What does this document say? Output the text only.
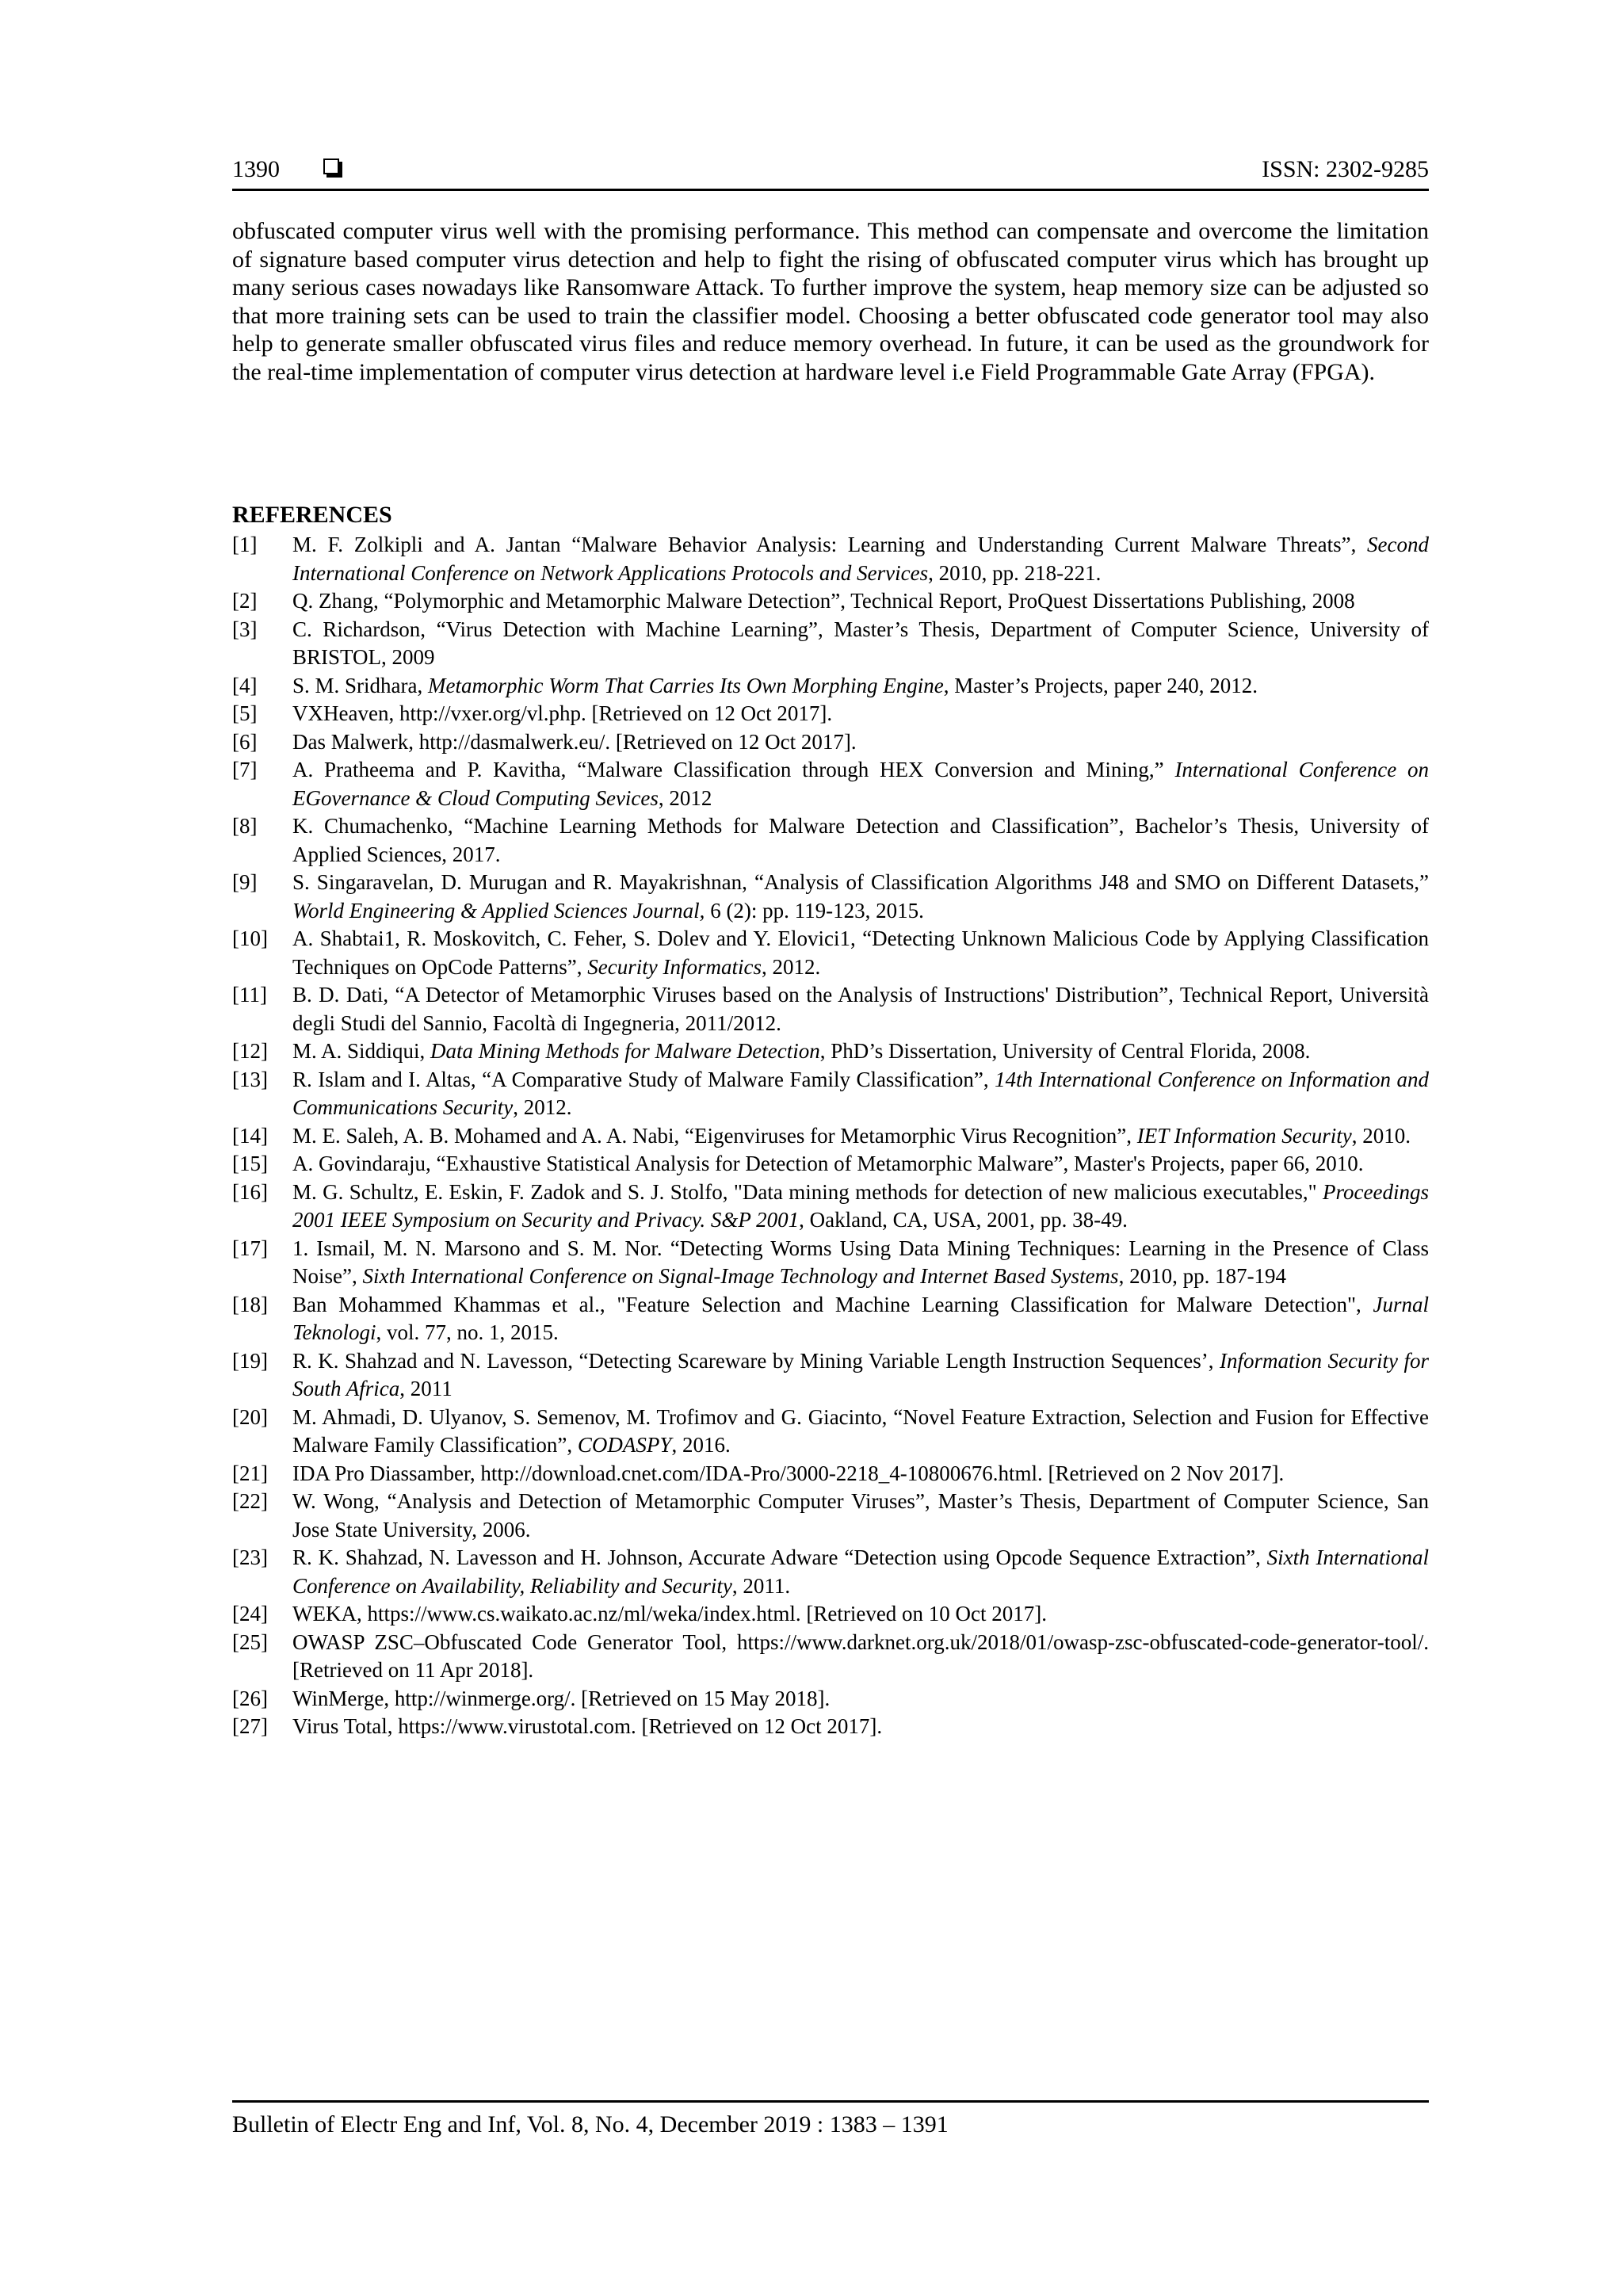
1390	ISSN: 2302-9285

obfuscated computer virus well with the promising performance. This method can compensate and overcome the limitation of signature based computer virus detection and help to fight the rising of obfuscated computer virus which has brought up many serious cases nowadays like Ransomware Attack. To further improve the system, heap memory size can be adjusted so that more training sets can be used to train the classifier model. Choosing a better obfuscated code generator tool may also help to generate smaller obfuscated virus files and reduce memory overhead. In future, it can be used as the groundwork for the real-time implementation of computer virus detection at hardware level i.e Field Programmable Gate Array (FPGA).

REFERENCES
[1] M. F. Zolkipli and A. Jantan “Malware Behavior Analysis: Learning and Understanding Current Malware Threats”, Second International Conference on Network Applications Protocols and Services, 2010, pp. 218-221.
[2] Q. Zhang, “Polymorphic and Metamorphic Malware Detection”, Technical Report, ProQuest Dissertations Publishing, 2008
[3] C. Richardson, “Virus Detection with Machine Learning”, Master’s Thesis, Department of Computer Science, University of BRISTOL, 2009
[4] S. M. Sridhara, Metamorphic Worm That Carries Its Own Morphing Engine, Master’s Projects, paper 240, 2012.
[5] VXHeaven, http://vxer.org/vl.php. [Retrieved on 12 Oct 2017].
[6] Das Malwerk, http://dasmalwerk.eu/. [Retrieved on 12 Oct 2017].
[7] A. Pratheema and P. Kavitha, “Malware Classification through HEX Conversion and Mining,” International Conference on EGovernance & Cloud Computing Sevices, 2012
[8] K. Chumachenko, “Machine Learning Methods for Malware Detection and Classification”, Bachelor’s Thesis, University of Applied Sciences, 2017.
[9] S. Singaravelan, D. Murugan and R. Mayakrishnan, “Analysis of Classification Algorithms J48 and SMO on Different Datasets,” World Engineering & Applied Sciences Journal, 6 (2): pp. 119-123, 2015.
[10] A. Shabtai1, R. Moskovitch, C. Feher, S. Dolev and Y. Elovici1, “Detecting Unknown Malicious Code by Applying Classification Techniques on OpCode Patterns”, Security Informatics, 2012.
[11] B. D. Dati, “A Detector of Metamorphic Viruses based on the Analysis of Instructions' Distribution”, Technical Report, Università degli Studi del Sannio, Facoltà di Ingegneria, 2011/2012.
[12] M. A. Siddiqui, Data Mining Methods for Malware Detection, PhD’s Dissertation, University of Central Florida, 2008.
[13] R. Islam and I. Altas, “A Comparative Study of Malware Family Classification”, 14th International Conference on Information and Communications Security, 2012.
[14] M. E. Saleh, A. B. Mohamed and A. A. Nabi, “Eigenviruses for Metamorphic Virus Recognition”, IET Information Security, 2010.
[15] A. Govindaraju, “Exhaustive Statistical Analysis for Detection of Metamorphic Malware”, Master's Projects, paper 66, 2010.
[16] M. G. Schultz, E. Eskin, F. Zadok and S. J. Stolfo, "Data mining methods for detection of new malicious executables," Proceedings 2001 IEEE Symposium on Security and Privacy. S&P 2001, Oakland, CA, USA, 2001, pp. 38-49.
[17] 1. Ismail, M. N. Marsono and S. M. Nor. “Detecting Worms Using Data Mining Techniques: Learning in the Presence of Class Noise”, Sixth International Conference on Signal-Image Technology and Internet Based Systems, 2010, pp. 187-194
[18] Ban Mohammed Khammas et al., "Feature Selection and Machine Learning Classification for Malware Detection", Jurnal Teknologi, vol. 77, no. 1, 2015.
[19] R. K. Shahzad and N. Lavesson, “Detecting Scareware by Mining Variable Length Instruction Sequences’, Information Security for South Africa, 2011
[20] M. Ahmadi, D. Ulyanov, S. Semenov, M. Trofimov and G. Giacinto, “Novel Feature Extraction, Selection and Fusion for Effective Malware Family Classification”, CODASPY, 2016.
[21] IDA Pro Diassamber, http://download.cnet.com/IDA-Pro/3000-2218_4-10800676.html. [Retrieved on 2 Nov 2017].
[22] W. Wong, “Analysis and Detection of Metamorphic Computer Viruses”, Master’s Thesis, Department of Computer Science, San Jose State University, 2006.
[23] R. K. Shahzad, N. Lavesson and H. Johnson, Accurate Adware “Detection using Opcode Sequence Extraction”, Sixth International Conference on Availability, Reliability and Security, 2011.
[24] WEKA, https://www.cs.waikato.ac.nz/ml/weka/index.html. [Retrieved on 10 Oct 2017].
[25] OWASP ZSC–Obfuscated Code Generator Tool, https://www.darknet.org.uk/2018/01/owasp-zsc-obfuscated-code-generator-tool/. [Retrieved on 11 Apr 2018].
[26] WinMerge, http://winmerge.org/. [Retrieved on 15 May 2018].
[27] Virus Total, https://www.virustotal.com. [Retrieved on 12 Oct 2017].
Bulletin of Electr Eng and Inf, Vol. 8, No. 4, December 2019 : 1383 – 1391
